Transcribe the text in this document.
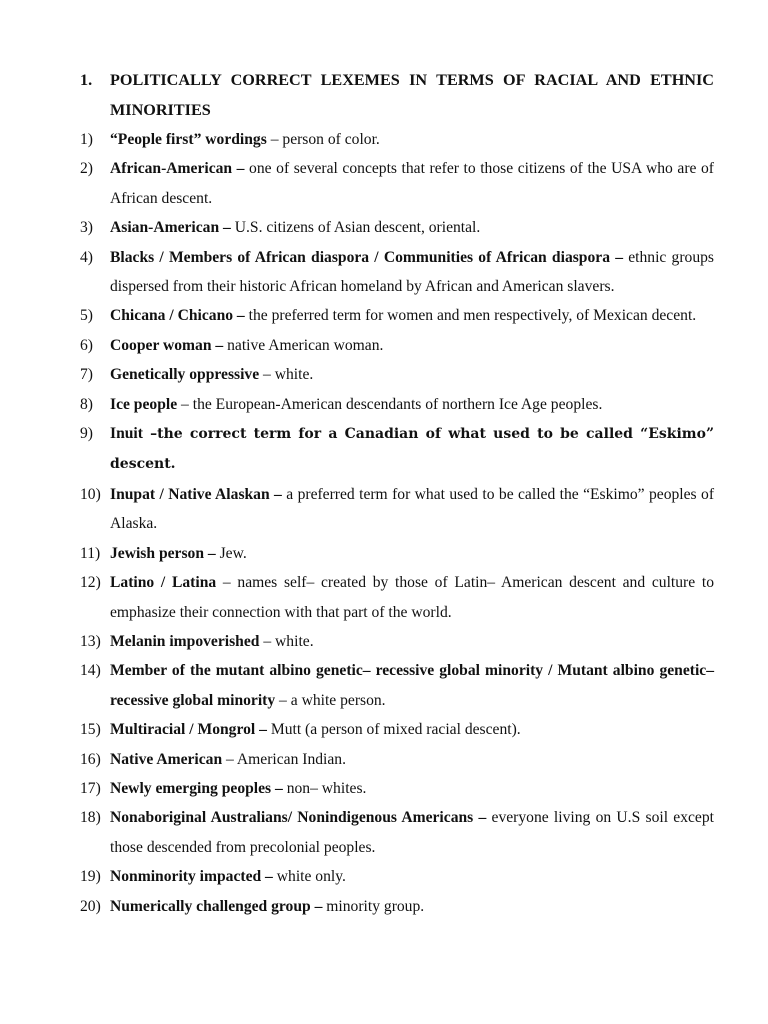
1. POLITICALLY CORRECT LEXEMES IN TERMS OF RACIAL AND ETHNIC MINORITIES
1) “People first” wordings – person of color.
2) African-American – one of several concepts that refer to those citizens of the USA who are of African descent.
3) Asian-American – U.S. citizens of Asian descent, oriental.
4) Blacks / Members of African diaspora / Communities of African diaspora – ethnic groups dispersed from their historic African homeland by African and American slavers.
5) Chicana / Chicano – the preferred term for women and men respectively, of Mexican decent.
6) Cooper woman – native American woman.
7) Genetically oppressive – white.
8) Ice people – the European-American descendants of northern Ice Age peoples.
9) Inuit –the correct term for a Canadian of what used to be called “Eskimo” descent.
10) Inupat / Native Alaskan – a preferred term for what used to be called the “Eskimo” peoples of Alaska.
11) Jewish person – Jew.
12) Latino / Latina – names self– created by those of Latin– American descent and culture to emphasize their connection with that part of the world.
13) Melanin impoverished – white.
14) Member of the mutant albino genetic– recessive global minority / Mutant albino genetic– recessive global minority – a white person.
15) Multiracial / Mongrol – Mutt (a person of mixed racial descent).
16) Native American – American Indian.
17) Newly emerging peoples – non– whites.
18) Nonaboriginal Australians/ Nonindigenous Americans – everyone living on U.S soil except those descended from precolonial peoples.
19) Nonminority impacted – white only.
20) Numerically challenged group – minority group.
